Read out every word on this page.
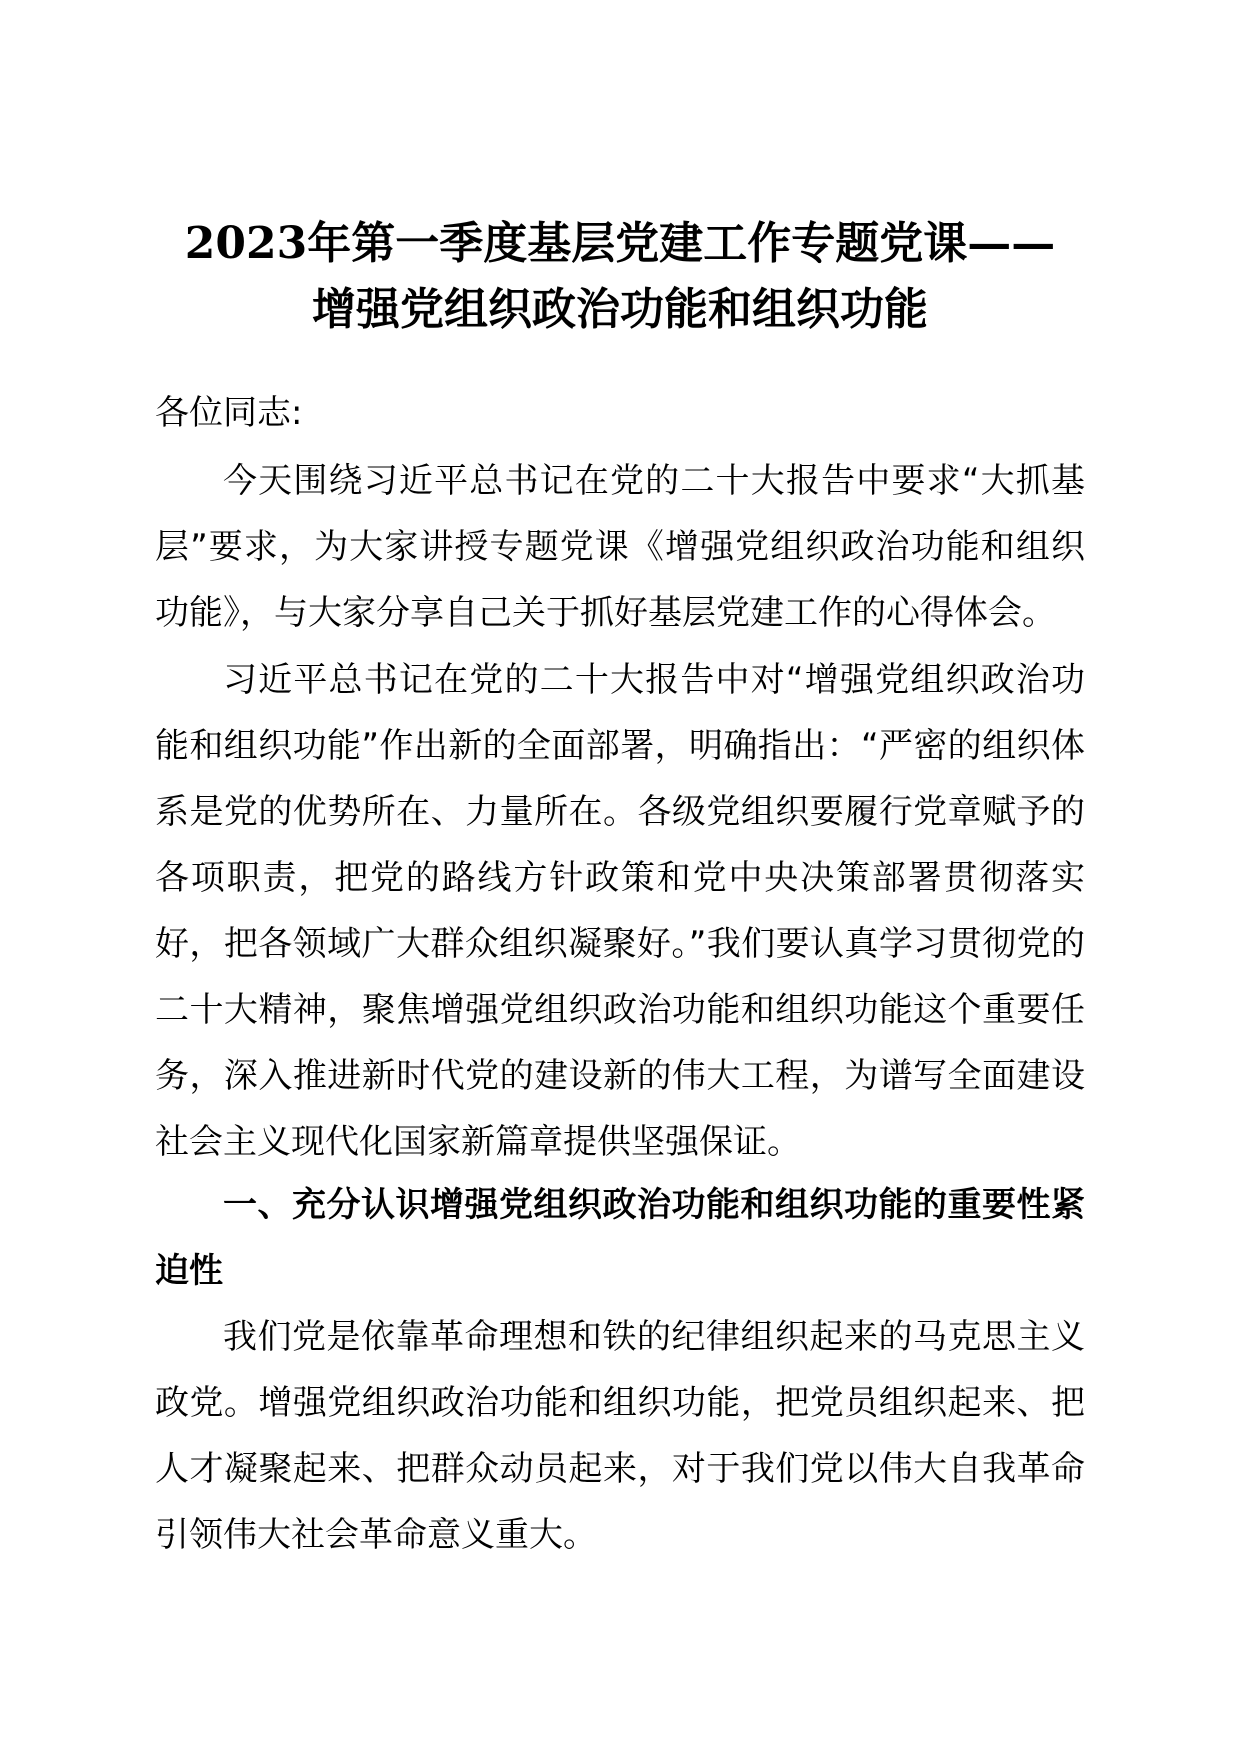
2023年第一季度基层党建工作专题党课——
增强党组织政治功能和组织功能
各位同志:
今天围绕习近平总书记在党的二十大报告中要求“大抓基层”要求，为大家讲授专题党课《增强党组织政治功能和组织功能》，与大家分享自己关于抓好基层党建工作的心得体会。
习近平总书记在党的二十大报告中对“增强党组织政治功能和组织功能”作出新的全面部署，明确指出：“严密的组织体系是党的优势所在、力量所在。各级党组织要履行党章赋予的各项职责，把党的路线方针政策和党中央决策部署贯彻落实好，把各领域广大群众组织凝聚好。”我们要认真学习贯彻党的二十大精神，聚焦增强党组织政治功能和组织功能这个重要任务，深入推进新时代党的建设新的伟大工程，为谱写全面建设社会主义现代化国家新篇章提供坚强保证。
一、充分认识增强党组织政治功能和组织功能的重要性紧迫性
我们党是依靠革命理想和铁的纪律组织起来的马克思主义政党。增强党组织政治功能和组织功能，把党员组织起来、把人才凝聚起来、把群众动员起来，对于我们党以伟大自我革命引领伟大社会革命意义重大。
